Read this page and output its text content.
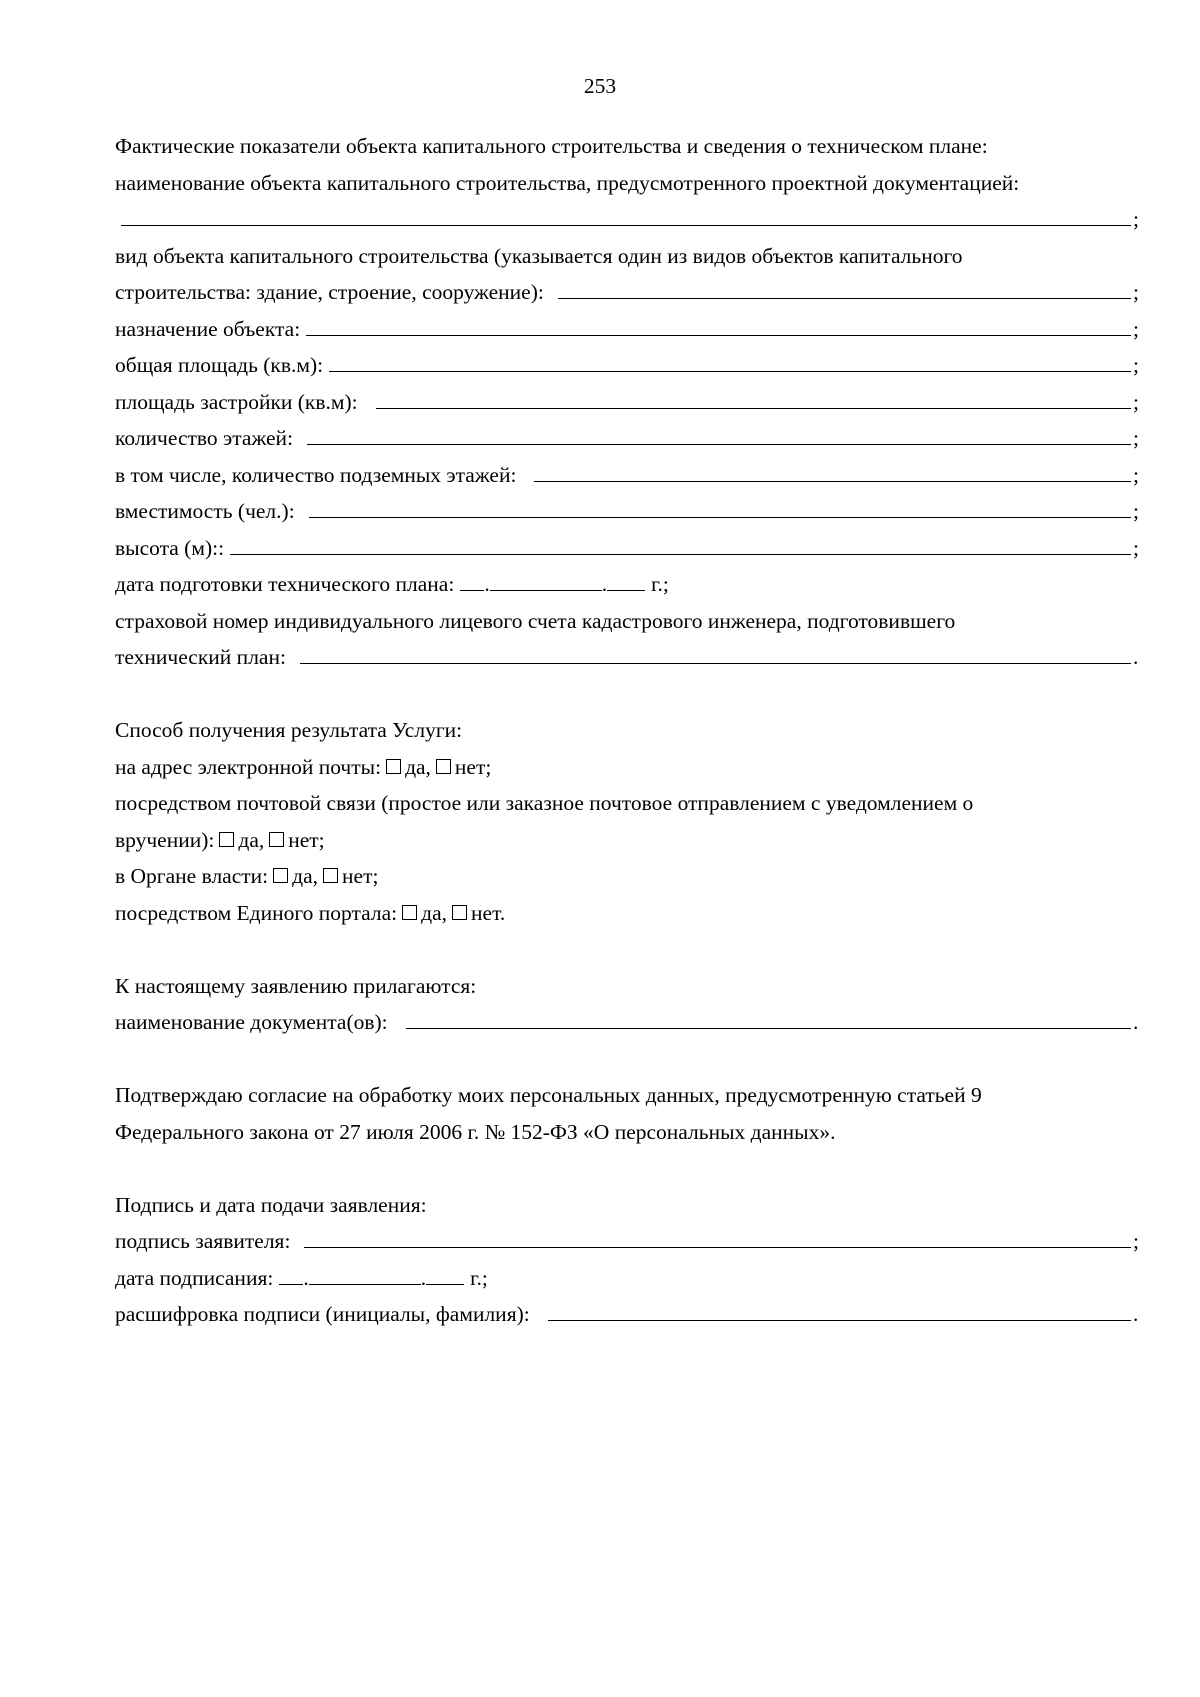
253
Фактические показатели объекта капитального строительства и сведения о техническом плане:
наименование объекта капитального строительства, предусмотренного проектной документацией:
;
вид объекта капитального строительства (указывается один из видов объектов капитального
строительства: здание, строение, сооружение):	;
назначение объекта:	;
общая площадь (кв.м):	;
площадь застройки (кв.м):	;
количество этажей:	;
в том числе, количество подземных этажей:	;
вместимость (чел.):	;
высота (м)::	;
дата подготовки технического плана: .	. г.;
страховой номер индивидуального лицевого счета кадастрового инженера, подготовившего
технический план:	.
Способ получения результата Услуги:
на адрес электронной почты: да, нет;
посредством почтовой связи (простое или заказное почтовое отправлением с уведомлением о
вручении): да, нет;
в Органе власти: да, нет;
посредством Единого портала: да, нет.
К настоящему заявлению прилагаются:
наименование документа(ов):	.
Подтверждаю согласие на обработку моих персональных данных, предусмотренную статьей 9
Федерального закона от 27 июля 2006 г. № 152-ФЗ «О персональных данных».
Подпись и дата подачи заявления:
подпись заявителя:	;
дата подписания: .	. г.;
расшифровка подписи (инициалы, фамилия):	.
